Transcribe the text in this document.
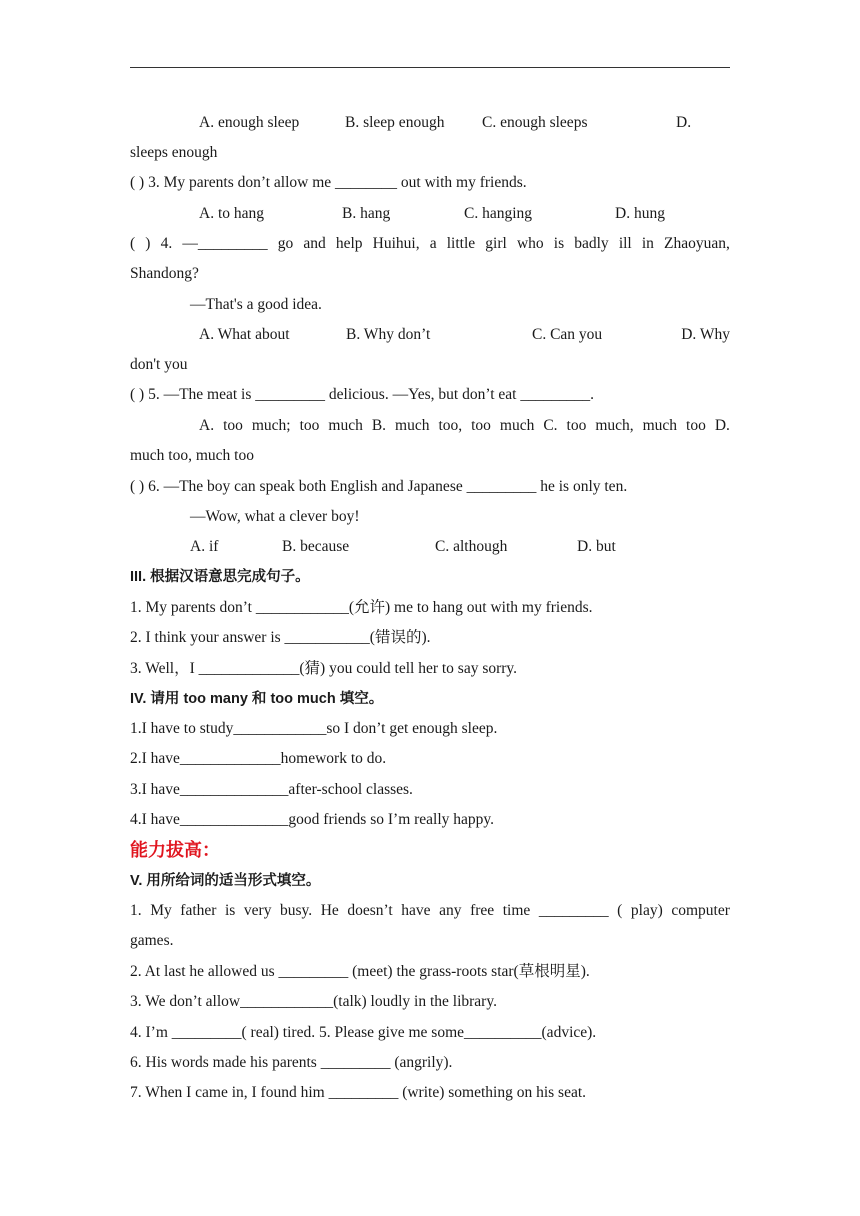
A. enough sleep	B. sleep enough C. enough sleeps	D.
sleeps enough
( ) 3. My parents don’t allow me ________ out with my friends.
A. to hang	B. hang	C. hanging	D. hung
( ) 4. —_________ go and help Huihui, a little girl who is badly ill in Zhaoyuan,
Shandong?
—That's a good idea.
A. What about	B. Why don’t	C. Can you	D. Why
don't you
( ) 5. —The meat is _________ delicious. —Yes, but don’t eat _________.
A. too much; too much B. much too, too much C. too much, much too D.
much too, much too
( ) 6. —The boy can speak both English and Japanese _________ he is only ten.
—Wow, what a clever boy!
A. if	B. because	C. although	D. but
III. 根据汉语意思完成句子。
1. My parents don’t ____________(允许) me to hang out with my friends.
2. I think your answer is ___________(错误的).
3. Well，I _____________(猜) you could tell her to say sorry.
IV. 请用 too many 和 too much 填空。
1.I have to study____________so I don’t get enough sleep.
2.I have_____________homework to do.
3.I have______________after-school classes.
4.I have______________good friends so I’m really happy.
能力拔高：
V. 用所给词的适当形式填空。
1. My father is very busy. He doesn’t have any free time _________ ( play) computer
games.
2. At last he allowed us _________ (meet) the grass-roots star(草根明星).
3. We don’t allow____________(talk) loudly in the library.
4. I’m _________( real) tired. 5. Please give me some__________(advice).
6. His words made his parents _________ (angrily).
7. When I came in, I found him _________ (write) something on his seat.
